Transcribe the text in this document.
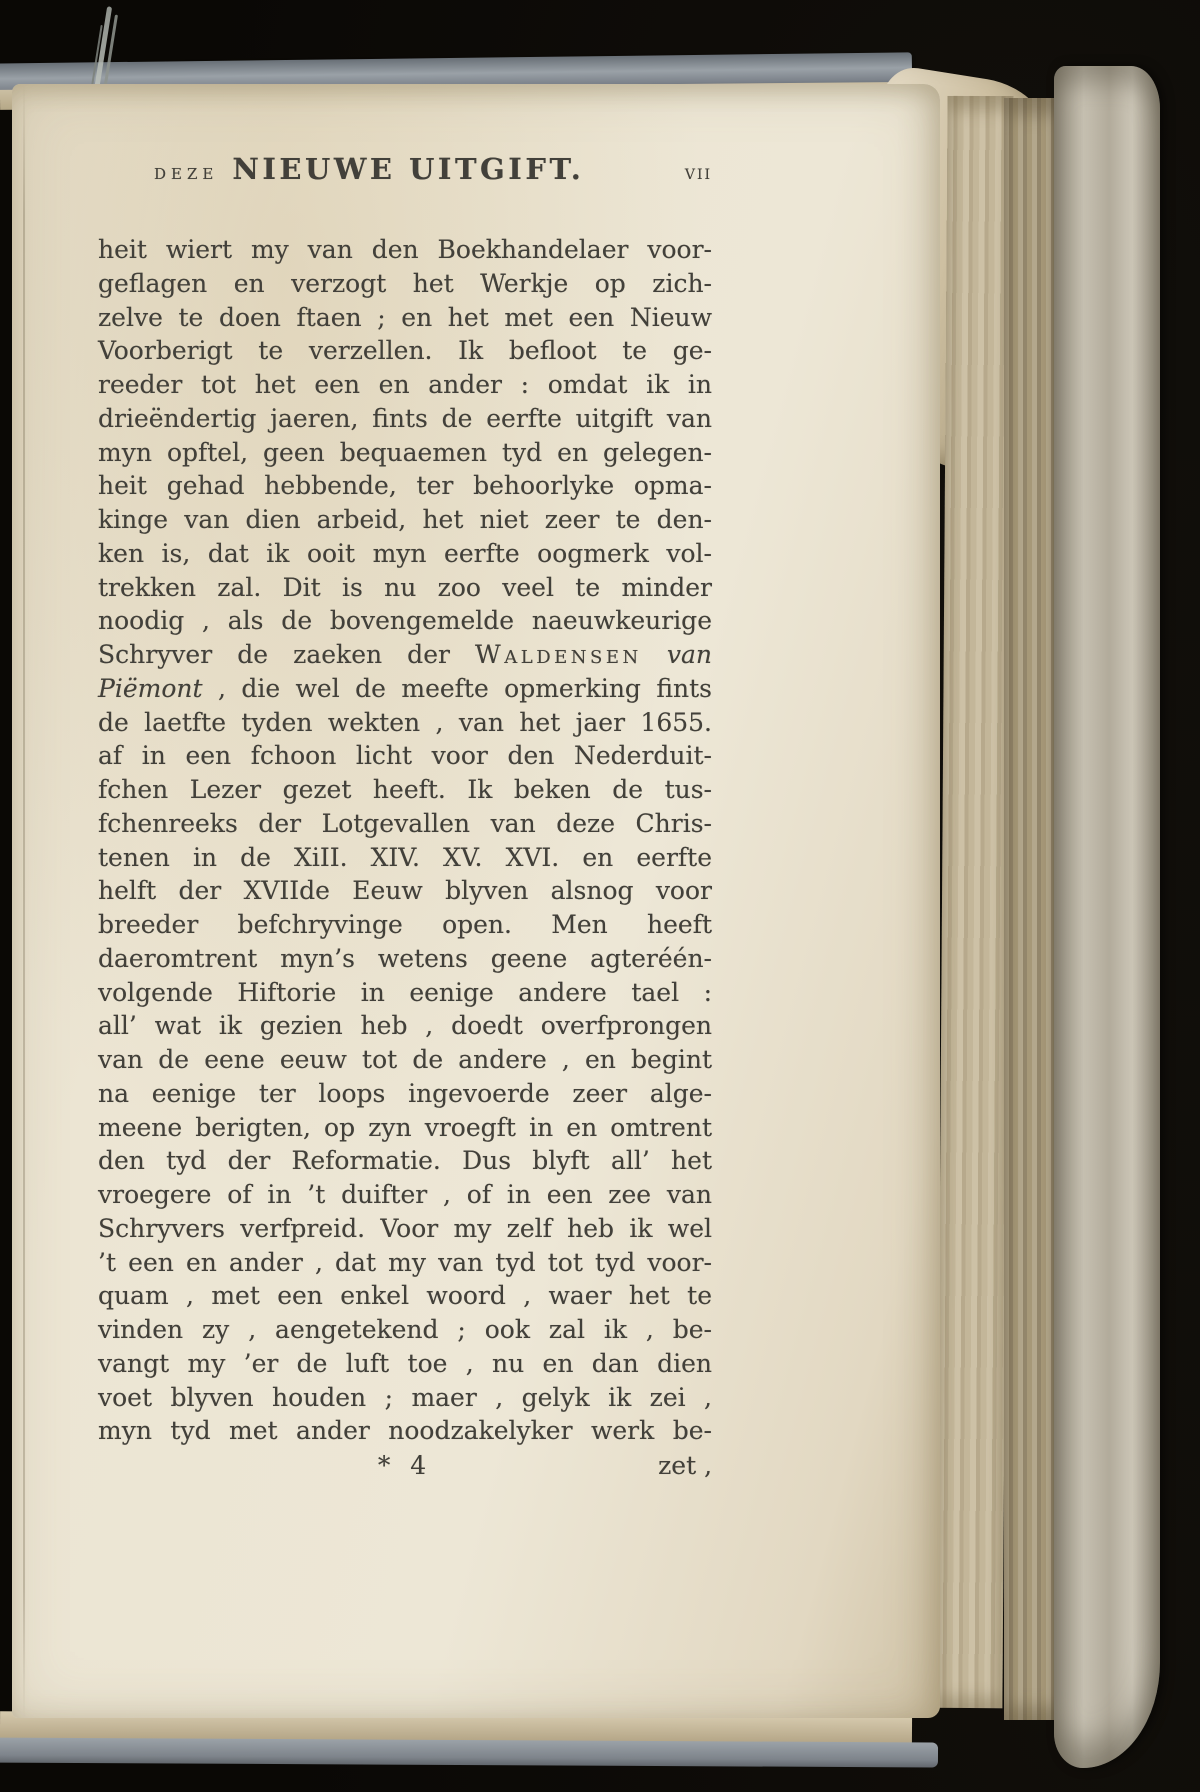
deze NIEUWE UITGIFT.	vii
heit wiert my van den Boekhandelaer voor-
geflagen en verzogt het Werkje op zich-
zelve te doen ftaen ; en het met een Nieuw
Voorberigt te verzellen. Ik befloot te ge-
reeder tot het een en ander : omdat ik in
drieëndertig jaeren, fints de eerfte uitgift van
myn opftel, geen bequaemen tyd en gelegen-
heit gehad hebbende, ter behoorlyke opma-
kinge van dien arbeid, het niet zeer te den-
ken is, dat ik ooit myn eerfte oogmerk vol-
trekken zal. Dit is nu zoo veel te minder
noodig , als de bovengemelde naeuwkeurige
Schryver de zaeken der Waldensen van
Piëmont , die wel de meefte opmerking fints
de laetfte tyden wekten , van het jaer 1655.
af in een fchoon licht voor den Nederduit-
fchen Lezer gezet heeft. Ik beken de tus-
fchenreeks der Lotgevallen van deze Chris-
tenen in de XiII. XIV. XV. XVI. en eerfte
helft der XVIIde Eeuw blyven alsnog voor
breeder befchryvinge open. Men heeft
daeromtrent myn’s wetens geene agteréén-
volgende Hiftorie in eenige andere tael :
all’ wat ik gezien heb , doedt overfprongen
van de eene eeuw tot de andere , en begint
na eenige ter loops ingevoerde zeer alge-
meene berigten, op zyn vroegft in en omtrent
den tyd der Reformatie. Dus blyft all’ het
vroegere of in ’t duifter , of in een zee van
Schryvers verfpreid. Voor my zelf heb ik wel
’t een en ander , dat my van tyd tot tyd voor-
quam , met een enkel woord , waer het te
vinden zy , aengetekend ; ook zal ik , be-
vangt my ’er de luft toe , nu en dan dien
voet blyven houden ; maer , gelyk ik zei ,
myn tyd met ander noodzakelyker werk be-
* 4	zet ,
